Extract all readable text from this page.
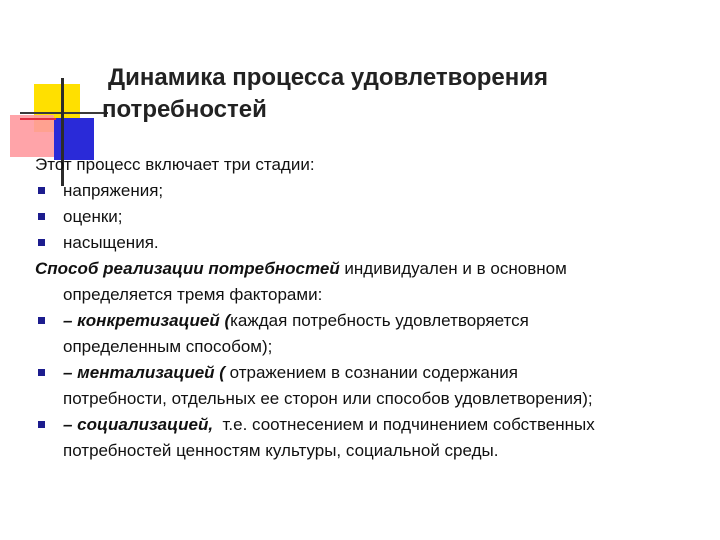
Динамика процесса удовлетворения
потребностей

Этот процесс включает три стадии:

напряжения;
оценки;
насыщения.

Способ реализации потребностей индивидуален и в основном

определяется тремя факторами:

– конкретизацией (каждая потребность удовлетворяется
определенным способом);
– ментализацией ( отражением в сознании содержания
потребности, отдельных ее сторон или способов удовлетворения);
– социализацией,  т.е. соотнесением и подчинением собственных
потребностей ценностям культуры, социальной среды.
